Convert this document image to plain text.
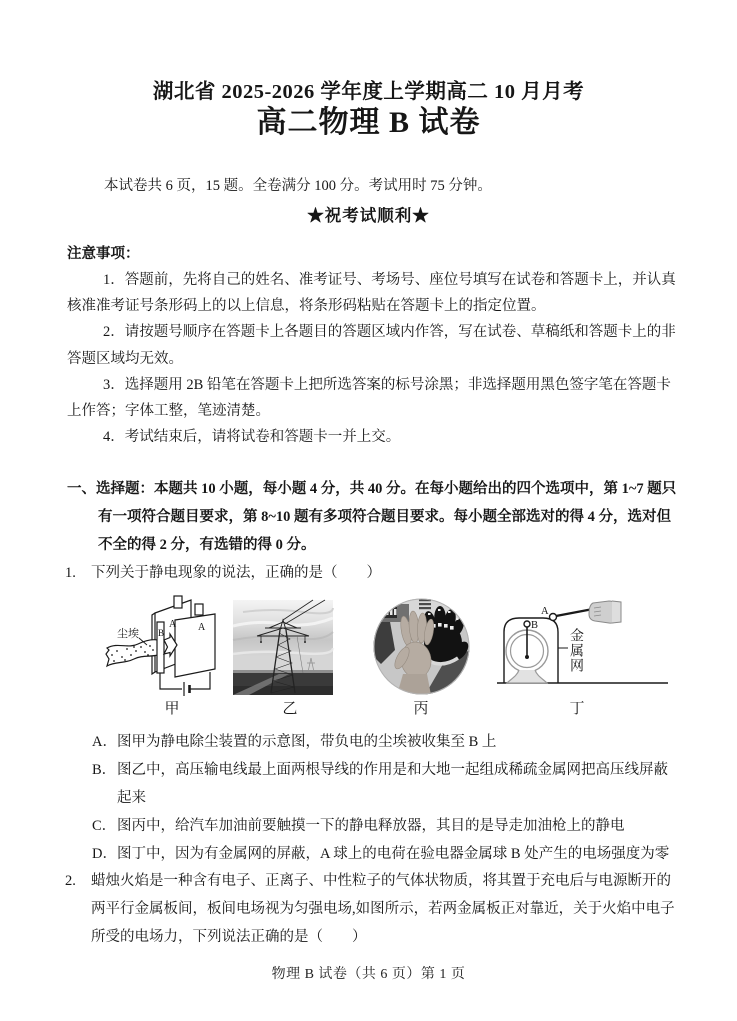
湖北省 2025-2026 学年度上学期高二 10 月月考
高二物理 B 试卷
本试卷共 6 页，15 题。全卷满分 100 分。考试用时 75 分钟。
★祝考试顺利★
注意事项：
1．答题前，先将自己的姓名、准考证号、考场号、座位号填写在试卷和答题卡上，并认真
核准准考证号条形码上的以上信息，将条形码粘贴在答题卡上的指定位置。
2．请按题号顺序在答题卡上各题目的答题区域内作答，写在试卷、草稿纸和答题卡上的非
答题区域均无效。
3．选择题用 2B 铅笔在答题卡上把所选答案的标号涂黑；非选择题用黑色签字笔在答题卡
上作答；字体工整，笔迹清楚。
4．考试结束后，请将试卷和答题卡一并上交。
一、选择题：本题共 10 小题，每小题 4 分，共 40 分。在每小题给出的四个选项中，第 1~7 题只
有一项符合题目要求，第 8~10 题有多项符合题目要求。每小题全部选对的得 4 分，选对但
不全的得 2 分，有选错的得 0 分。
1. 下列关于静电现象的说法，正确的是（　　）
尘埃
A A
B
A
B
金属网
甲	乙	丙	丁
A． 图甲为静电除尘装置的示意图，带负电的尘埃被收集至 B 上
B． 图乙中，高压输电线最上面两根导线的作用是和大地一起组成稀疏金属网把高压线屏蔽
起来
C． 图丙中，给汽车加油前要触摸一下的静电释放器，其目的是导走加油枪上的静电
D． 图丁中，因为有金属网的屏蔽，A 球上的电荷在验电器金属球 B 处产生的电场强度为零
2. 蜡烛火焰是一种含有电子、正离子、中性粒子的气体状物质，将其置于充电后与电源断开的
两平行金属板间，板间电场视为匀强电场,如图所示，若两金属板正对靠近，关于火焰中电子
所受的电场力，下列说法正确的是（　　）
物理 B 试卷（共 6 页）第 1 页
